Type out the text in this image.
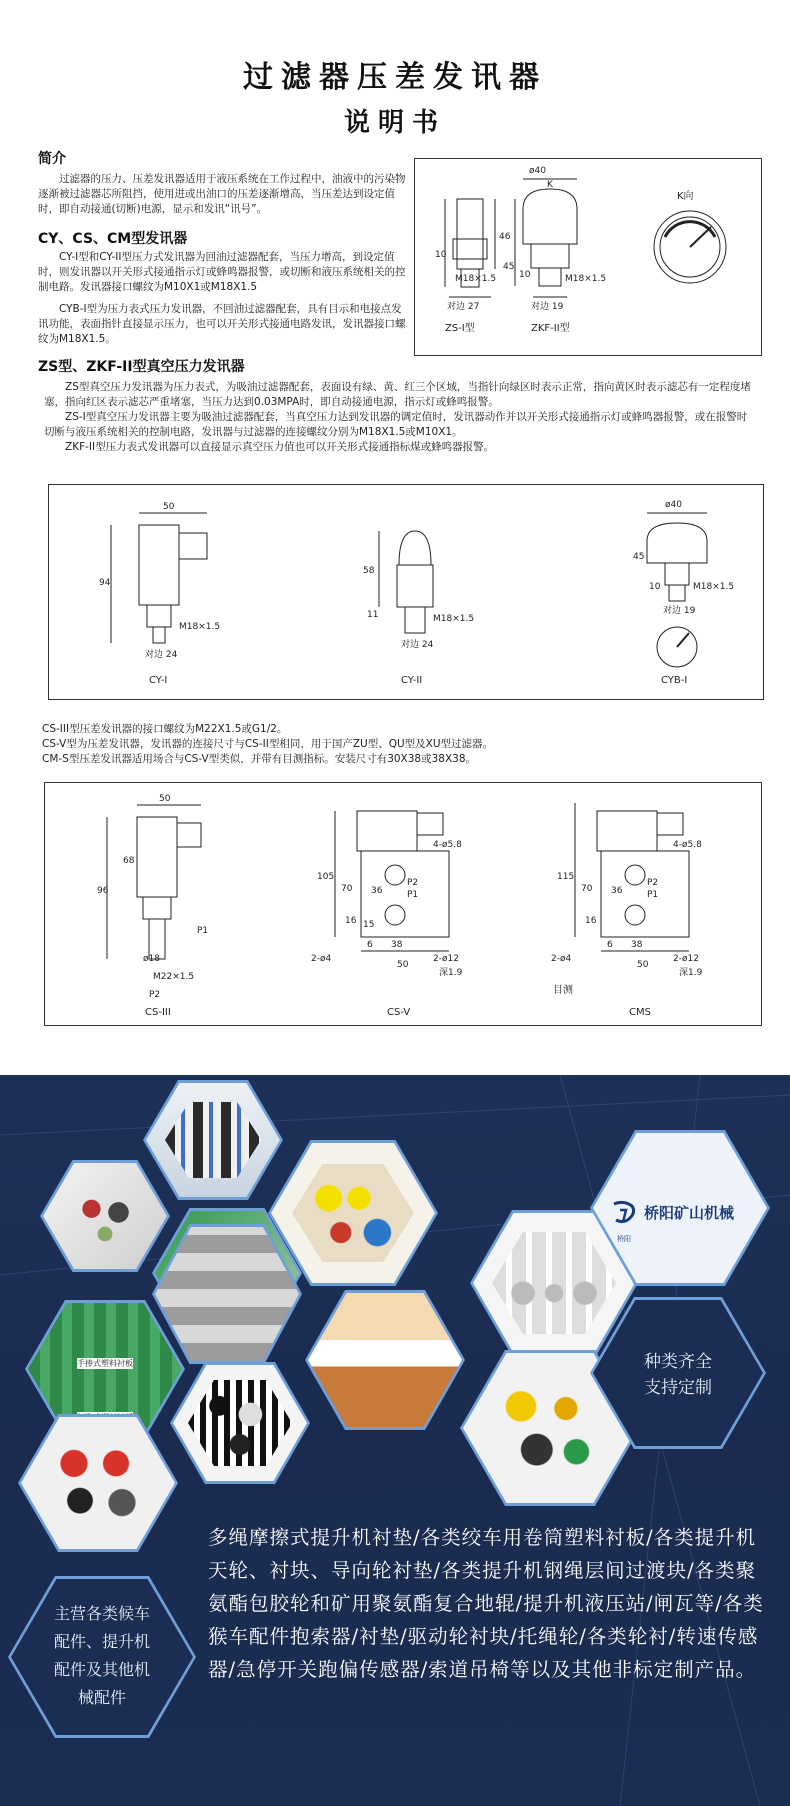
过滤器压差发讯器
说明书
简介
过滤器的压力、压差发讯器适用于液压系统在工作过程中，油液中的污染物逐渐被过滤器芯所阻挡，使用进或出油口的压差逐渐增高，当压差达到设定值时，即自动接通(切断)电源，显示和发讯“讯号”。
CY、CS、CM型发讯器
CY-I型和CY-II型压力式发讯器为回油过滤器配套，当压力增高，到设定值时，则发讯器以开关形式接通指示灯或蜂鸣器报警，或切断和液压系统相关的控制电路。发讯器接口螺纹为M10X1或M18X1.5
CYB-I型为压力表式压力发讯器，不回油过滤器配套，具有目示和电接点发讯功能，表面指针直接显示压力，也可以开关形式接通电路发讯，发讯器接口螺纹为M18X1.5。
ZS型、ZKF-II型真空压力发讯器
ZS型真空压力发讯器为压力表式，为吸油过滤器配套，表面设有绿、黄、红三个区域，当指针向绿区时表示正常，指向黄区时表示滤芯有一定程度堵塞，指向红区表示滤芯严重堵塞，当压力达到0.03MPA时，即自动接通电源，指示灯或蜂鸣报警。
ZS-I型真空压力发讯器主要为吸油过滤器配套，当真空压力达到发讯器的调定值时，发讯器动作并以开关形式接通指示灯或蜂鸣器报警，或在报警时切断与液压系统相关的控制电路，发讯器与过滤器的连接螺纹分别为M18X1.5或M10X1。
ZKF-II型压力表式发讯器可以直接显示真空压力值也可以开关形式接通指标煤或蜂鸣器报警。
ø40
K
46
10
45
10
M18×1.5	M18×1.5
对边 27	对边 19
ZS-I型	ZKF-II型
K向
50
94
M18×1.5
对边 24
58
11	M18×1.5
对边 24
ø40
45
10	M18×1.5
对边 19
CY-I	CY-II	CYB-I
CS-III型压差发讯器的接口螺纹为M22X1.5或G1/2。
CS-V型为压差发讯器，发讯器的连接尺寸与CS-II型相同，用于国产ZU型、QU型及XU型过滤器。
CM-S型压差发讯器适用场合与CS-V型类似，并带有目测指标。安装尺寸有30X38或38X38。
50
96
68
P1
ø18
M22×1.5
P2
4-ø5.8
105
70 36
16 15
P2
P1
6 38
2-ø4	2-ø12
深1.9
50
4-ø5.8
115
70 36
16
P2
P1
6 38
2-ø4	2-ø12
深1.9
50
目测
CS-III	CS-V	CMS
手捧式塑料衬板
桥阳矿山机械
桥阳
种类齐全
支持定制
主营各类候车
配件、提升机
配件及其他机
械配件
多绳摩擦式提升机衬垫/各类绞车用卷筒塑料衬板/各类提升机天轮、衬块、导向轮衬垫/各类提升机钢绳层间过渡块/各类聚氨酯包胶轮和矿用聚氨酯复合地辊/提升机液压站/闸瓦等/各类猴车配件抱索器/衬垫/驱动轮衬块/托绳轮/各类轮衬/转速传感器/急停开关跑偏传感器/索道吊椅等以及其他非标定制产品。
